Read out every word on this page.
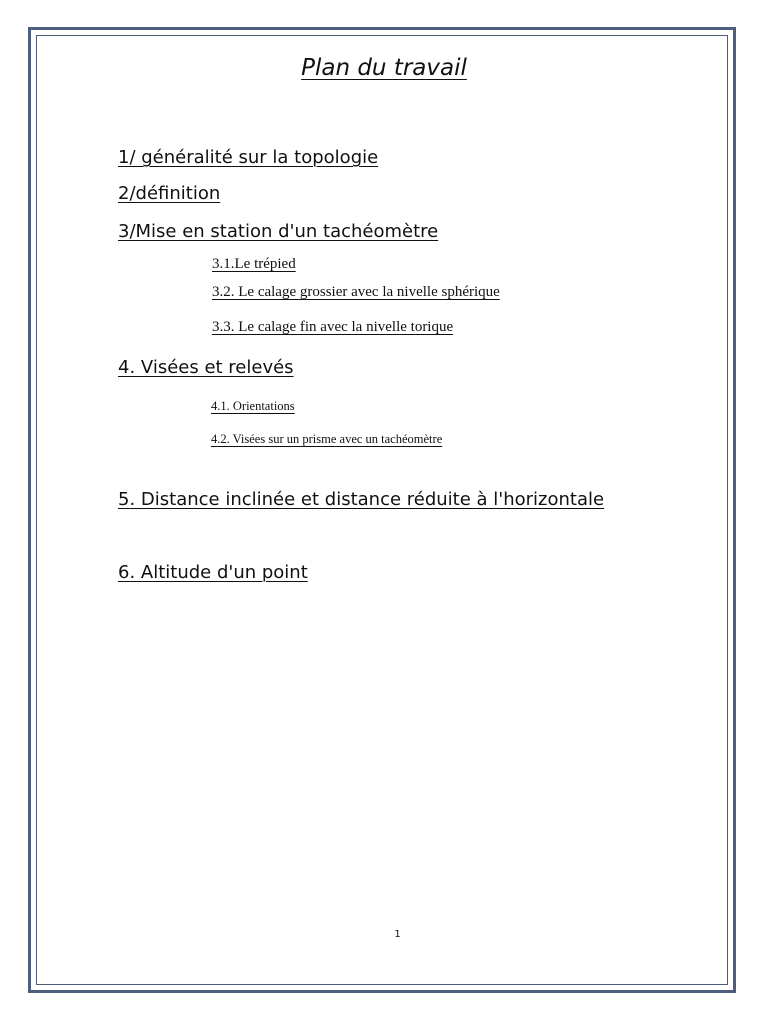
Plan du travail
1/ généralité sur la topologie
2/définition
3/Mise en station d'un tachéomètre
3.1.Le trépied
3.2. Le calage grossier avec la nivelle sphérique
3.3. Le calage fin avec la nivelle torique
4. Visées et relevés
4.1. Orientations
4.2. Visées sur un prisme avec un tachéomètre
5. Distance inclinée et distance réduite à l'horizontale
6. Altitude d'un point
1
